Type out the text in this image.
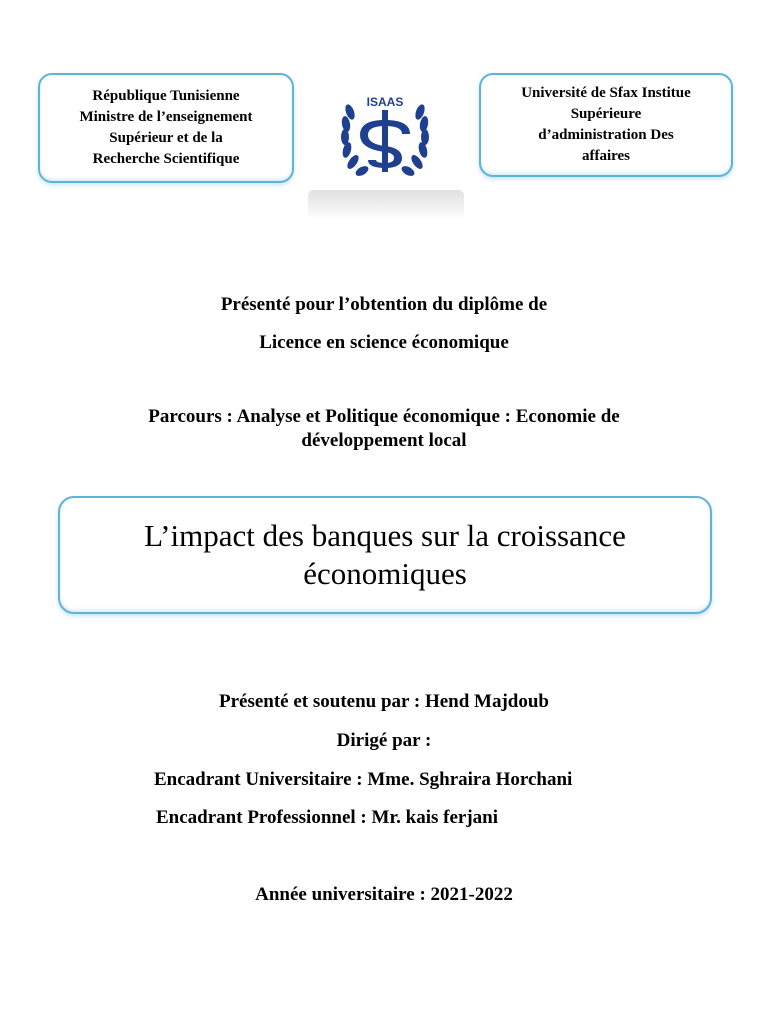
République Tunisienne
Ministre de l’enseignement
Supérieur et de la
Recherche Scientifique
ISAAS
Université de Sfax Institue
Supérieure
d’administration Des
affaires
Présenté pour l’obtention du diplôme de
Licence en science économique
Parcours : Analyse et Politique économique : Economie de
développement local
L’impact des banques sur la croissance
économiques
Présenté et soutenu par : Hend Majdoub
Dirigé par :
Encadrant Universitaire : Mme. Sghraira Horchani
Encadrant Professionnel : Mr. kais ferjani
Année universitaire : 2021-2022
